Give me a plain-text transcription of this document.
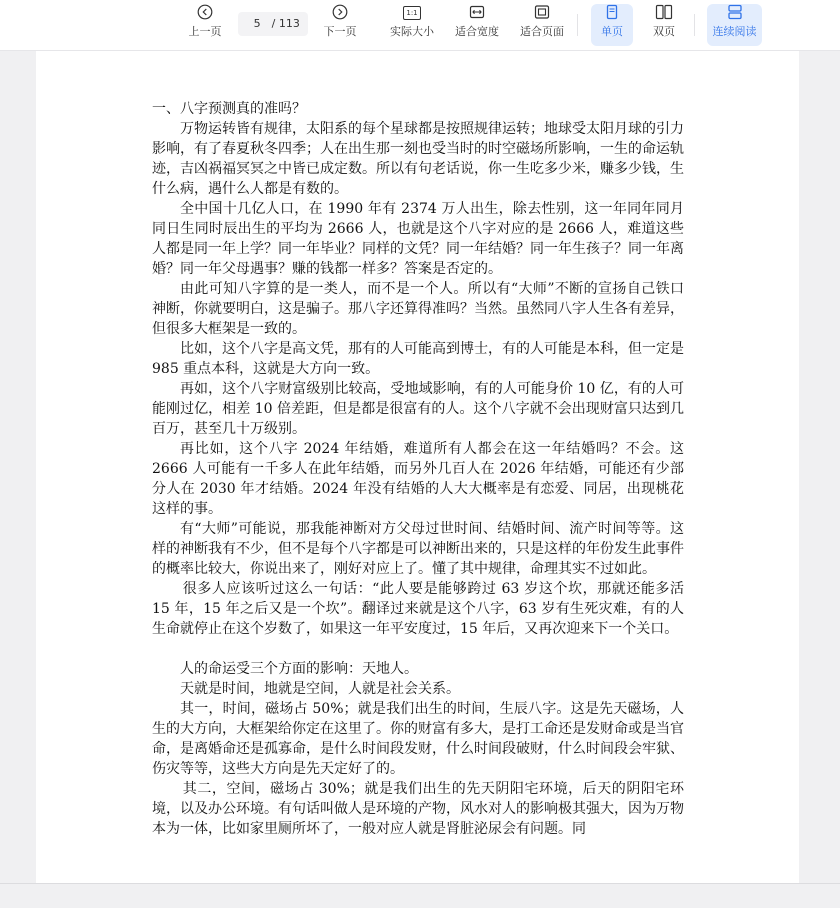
上一页
5 / 113
下一页
1:1
实际大小 适合宽度 适合页面	单页	双页	连续阅读

一、八字预测真的准吗？

万物运转皆有规律，太阳系的每个星球都是按照规律运转；地球受太阳月球的引力影响，有了春夏秋冬四季；人在出生那一刻也受当时的时空磁场所影响，一生的命运轨迹，吉凶祸福冥冥之中皆已成定数。所以有句老话说，你一生吃多少米，赚多少钱，生什么病，遇什么人都是有数的。

全中国十几亿人口，在 1990 年有 2374 万人出生，除去性别，这一年同年同月同日生同时辰出生的平均为 2666 人，也就是这个八字对应的是 2666 人，难道这些人都是同一年上学？同一年毕业？同样的文凭？同一年结婚？同一年生孩子？同一年离婚？同一年父母遇事？赚的钱都一样多？答案是否定的。

由此可知八字算的是一类人，而不是一个人。所以有“大师”不断的宣扬自己铁口神断，你就要明白，这是骗子。那八字还算得准吗？当然。虽然同八字人生各有差异，但很多大框架是一致的。

比如，这个八字是高文凭，那有的人可能高到博士，有的人可能是本科，但一定是 985 重点本科，这就是大方向一致。

再如，这个八字财富级别比较高，受地域影响，有的人可能身价 10 亿，有的人可能刚过亿，相差 10 倍差距，但是都是很富有的人。这个八字就不会出现财富只达到几百万，甚至几十万级别。

再比如，这个八字 2024 年结婚，难道所有人都会在这一年结婚吗？不会。这 2666 人可能有一千多人在此年结婚，而另外几百人在 2026 年结婚，可能还有少部分人在 2030 年才结婚。2024 年没有结婚的人大大概率是有恋爱、同居，出现桃花这样的事。

有“大师”可能说，那我能神断对方父母过世时间、结婚时间、流产时间等等。这样的神断我有不少，但不是每个八字都是可以神断出来的，只是这样的年份发生此事件的概率比较大，你说出来了，刚好对应上了。懂了其中规律，命理其实不过如此。

很多人应该听过这么一句话：“此人要是能够跨过 63 岁这个坎，那就还能多活 15 年，15 年之后又是一个坎”。翻译过来就是这个八字，63 岁有生死灾难，有的人生命就停止在这个岁数了，如果这一年平安度过，15 年后，又再次迎来下一个关口。

人的命运受三个方面的影响：天地人。

天就是时间，地就是空间，人就是社会关系。

其一，时间，磁场占 50%；就是我们出生的时间，生辰八字。这是先天磁场，人生的大方向，大框架给你定在这里了。你的财富有多大，是打工命还是发财命或是当官命，是离婚命还是孤寡命，是什么时间段发财，什么时间段破财，什么时间段会牢狱、伤灾等等，这些大方向是先天定好了的。

其二，空间，磁场占 30%；就是我们出生的先天阴阳宅环境，后天的阴阳宅环境，以及办公环境。有句话叫做人是环境的产物，风水对人的影响极其强大，因为万物本为一体，比如家里厕所坏了，一般对应人就是肾脏泌尿会有问题。同
